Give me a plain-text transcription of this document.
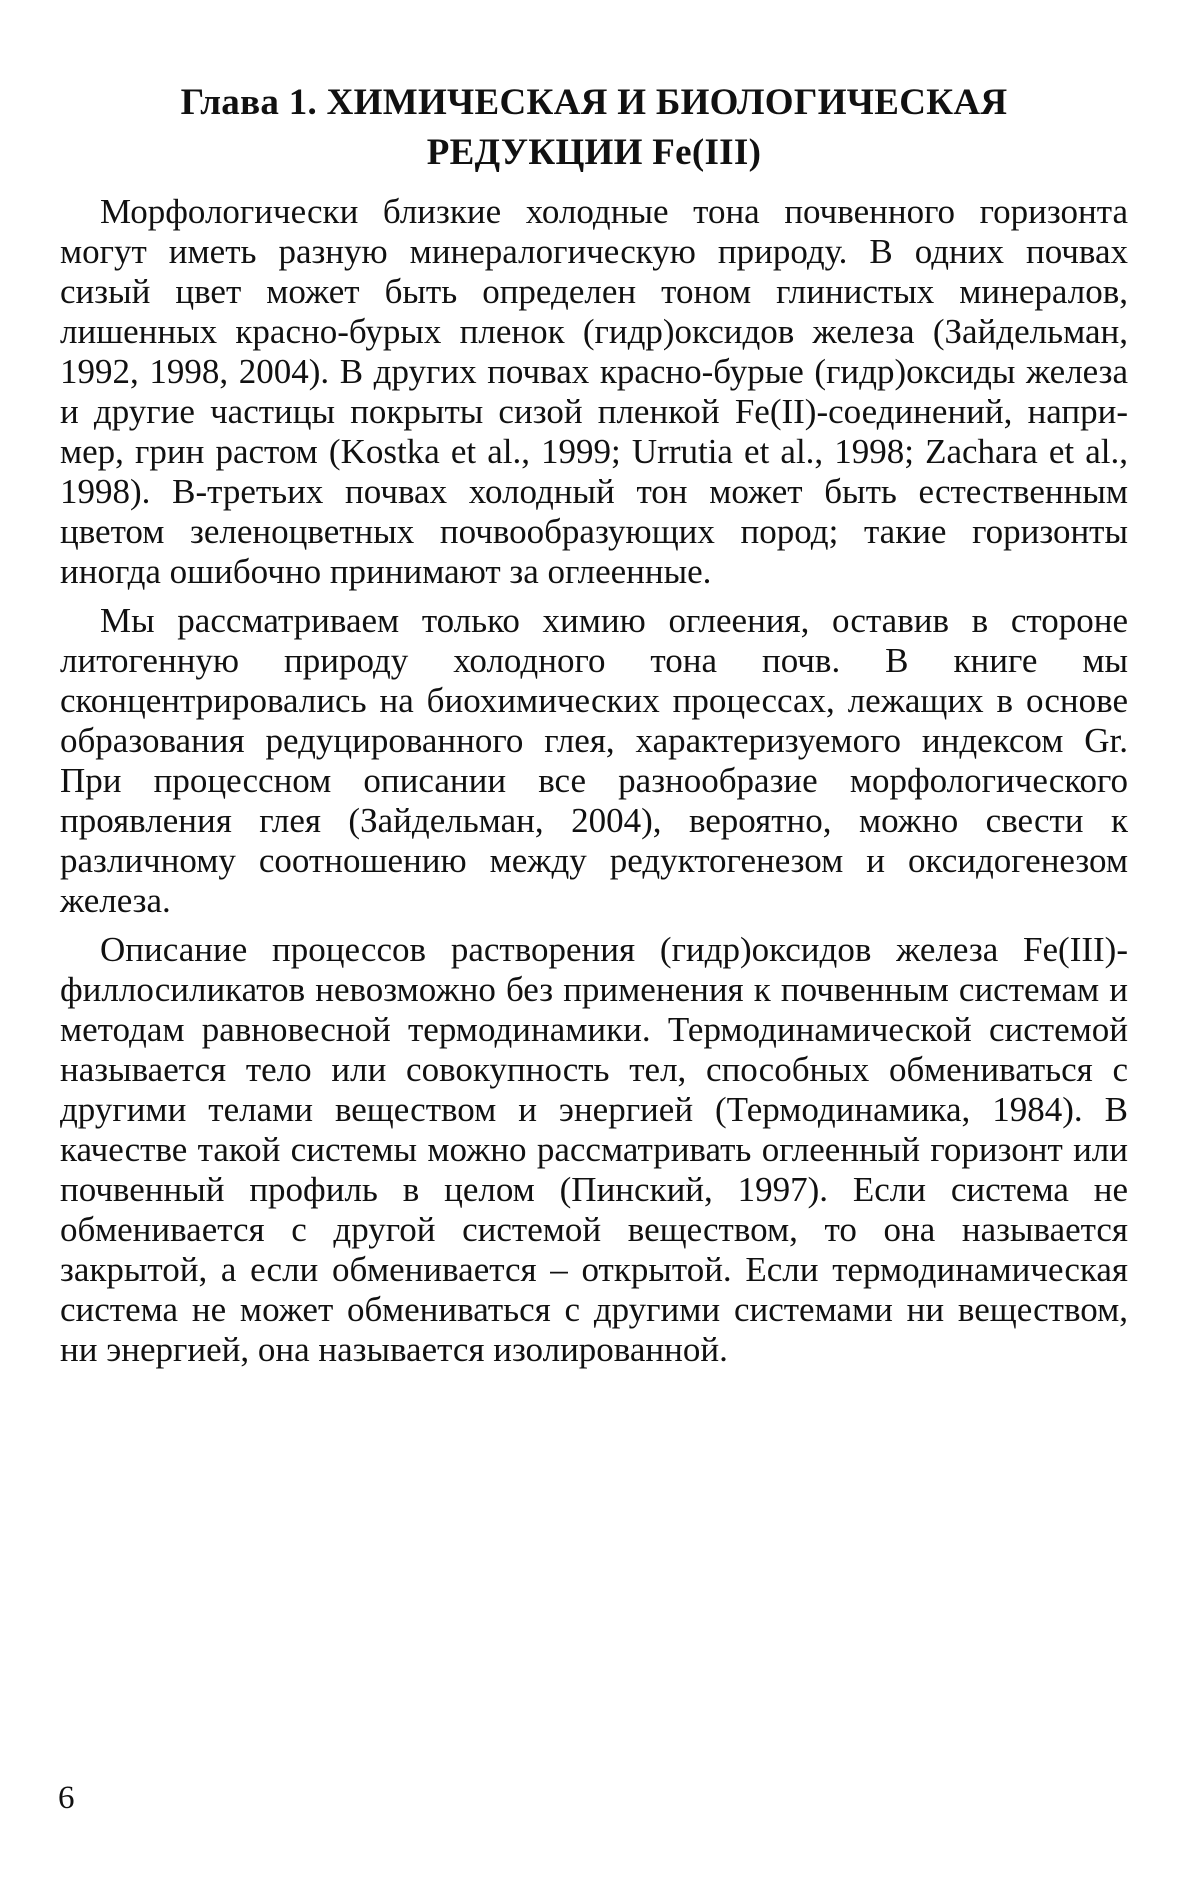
Глава 1. ХИМИЧЕСКАЯ И БИОЛОГИЧЕСКАЯ
РЕДУКЦИИ Fe(III)

Морфологически близкие холодные тона почвенного горизонта могут иметь разную минералогическую природу. В одних почвах сизый цвет может быть определен тоном глинистых минералов, лишенных красно-бурых пленок (гидр)оксидов железа (Зайдельман, 1992, 1998, 2004). В других почвах красно-бурые (гидр)оксиды железа и другие частицы покрыты сизой пленкой Fe(II)-соединений, например, грин растом (Kostka et al., 1999; Urrutia et al., 1998; Zachara et al., 1998). В-третьих почвах холодный тон может быть естественным цветом зеленоцветных почвообразующих пород; такие горизонты иногда ошибочно принимают за оглеенные.

Мы рассматриваем только химию оглеения, оставив в стороне литогенную природу холодного тона почв. В книге мы сконцентрировались на биохимических процессах, лежащих в основе образования редуцированного глея, характеризуемого индексом Gr. При процессном описании все разнообразие морфологического проявления глея (Зайдельман, 2004), вероятно, можно свести к различному соотношению между редуктогенезом и оксидогенезом железа.

Описание процессов растворения (гидр)оксидов железа Fe(III)-филлосиликатов невозможно без применения к почвенным системам и методам равновесной термодинамики. Термодинамической системой называется тело или совокупность тел, способных обмениваться с другими телами веществом и энергией (Термодинамика, 1984). В качестве такой системы можно рассматривать оглеенный горизонт или почвенный профиль в целом (Пинский, 1997). Если система не обменивается с другой системой веществом, то она называется закрытой, а если обменивается – открытой. Если термодинамическая система не может обмениваться с другими системами ни веществом, ни энергией, она называется изолированной.

6
